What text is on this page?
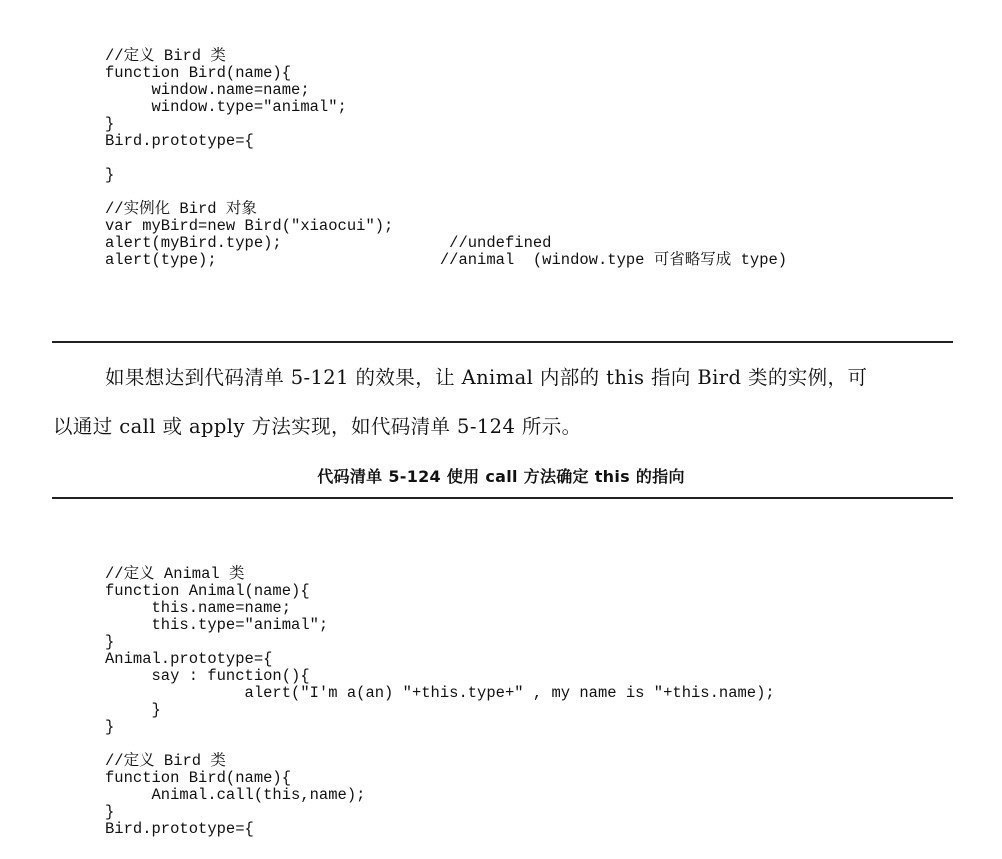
//定义 Bird 类
function Bird(name){
window.name=name;
window.type="animal";
}
Bird.prototype={
}
//实例化 Bird 对象
var myBird=new Bird("xiaocui");
alert(myBird.type);                  //undefined
alert(type);                        //animal  (window.type 可省略写成 type)
如果想达到代码清单 5-121 的效果，让 Animal 内部的 this 指向 Bird 类的实例，可
以通过 call 或 apply 方法实现，如代码清单 5-124 所示。
代码清单 5-124 使用 call 方法确定 this 的指向
//定义 Animal 类
function Animal(name){
this.name=name;
this.type="animal";
}
Animal.prototype={
say : function(){
alert("I'm a(an) "+this.type+" , my name is "+this.name);
}
}
//定义 Bird 类
function Bird(name){
Animal.call(this,name);
}
Bird.prototype={
